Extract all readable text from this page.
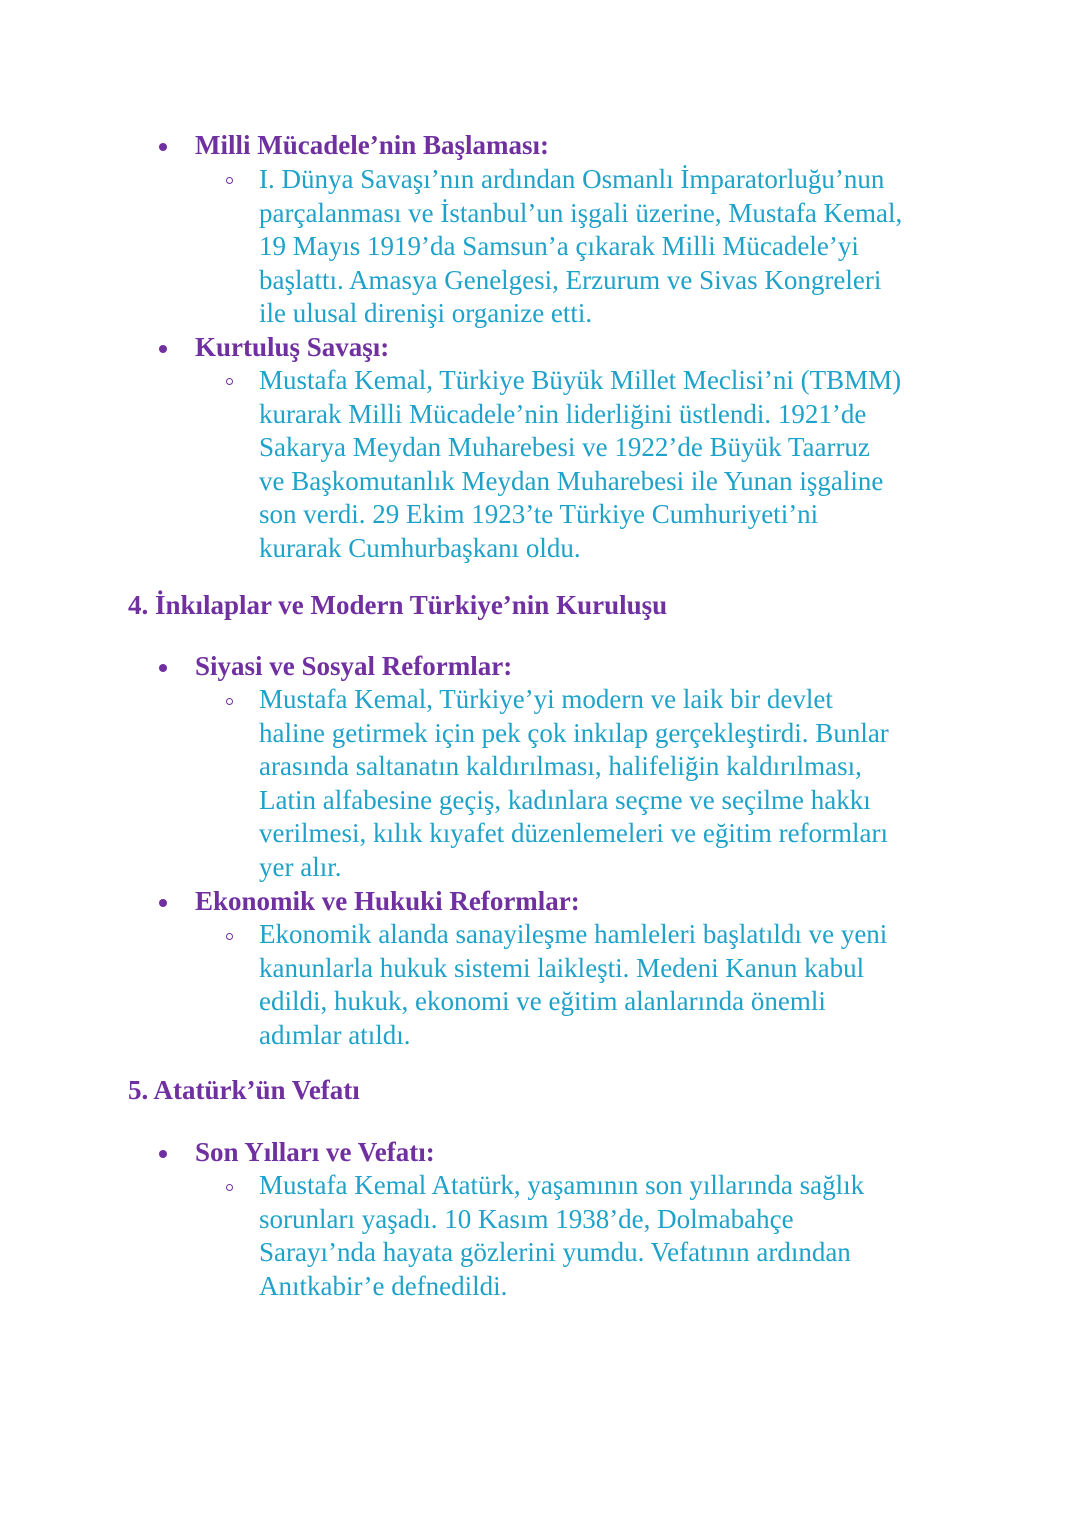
Milli Mücadele’nin Başlaması:
I. Dünya Savaşı’nın ardından Osmanlı İmparatorluğu’nun
parçalanması ve İstanbul’un işgali üzerine, Mustafa Kemal,
19 Mayıs 1919’da Samsun’a çıkarak Milli Mücadele’yi
başlattı. Amasya Genelgesi, Erzurum ve Sivas Kongreleri
ile ulusal direnişi organize etti.
Kurtuluş Savaşı:
Mustafa Kemal, Türkiye Büyük Millet Meclisi’ni (TBMM)
kurarak Milli Mücadele’nin liderliğini üstlendi. 1921’de
Sakarya Meydan Muharebesi ve 1922’de Büyük Taarruz
ve Başkomutanlık Meydan Muharebesi ile Yunan işgaline
son verdi. 29 Ekim 1923’te Türkiye Cumhuriyeti’ni
kurarak Cumhurbaşkanı oldu.
4. İnkılaplar ve Modern Türkiye’nin Kuruluşu
Siyasi ve Sosyal Reformlar:
Mustafa Kemal, Türkiye’yi modern ve laik bir devlet
haline getirmek için pek çok inkılap gerçekleştirdi. Bunlar
arasında saltanatın kaldırılması, halifeliğin kaldırılması,
Latin alfabesine geçiş, kadınlara seçme ve seçilme hakkı
verilmesi, kılık kıyafet düzenlemeleri ve eğitim reformları
yer alır.
Ekonomik ve Hukuki Reformlar:
Ekonomik alanda sanayileşme hamleleri başlatıldı ve yeni
kanunlarla hukuk sistemi laikleşti. Medeni Kanun kabul
edildi, hukuk, ekonomi ve eğitim alanlarında önemli
adımlar atıldı.
5. Atatürk’ün Vefatı
Son Yılları ve Vefatı:
Mustafa Kemal Atatürk, yaşamının son yıllarında sağlık
sorunları yaşadı. 10 Kasım 1938’de, Dolmabahçe
Sarayı’nda hayata gözlerini yumdu. Vefatının ardından
Anıtkabir’e defnedildi.
